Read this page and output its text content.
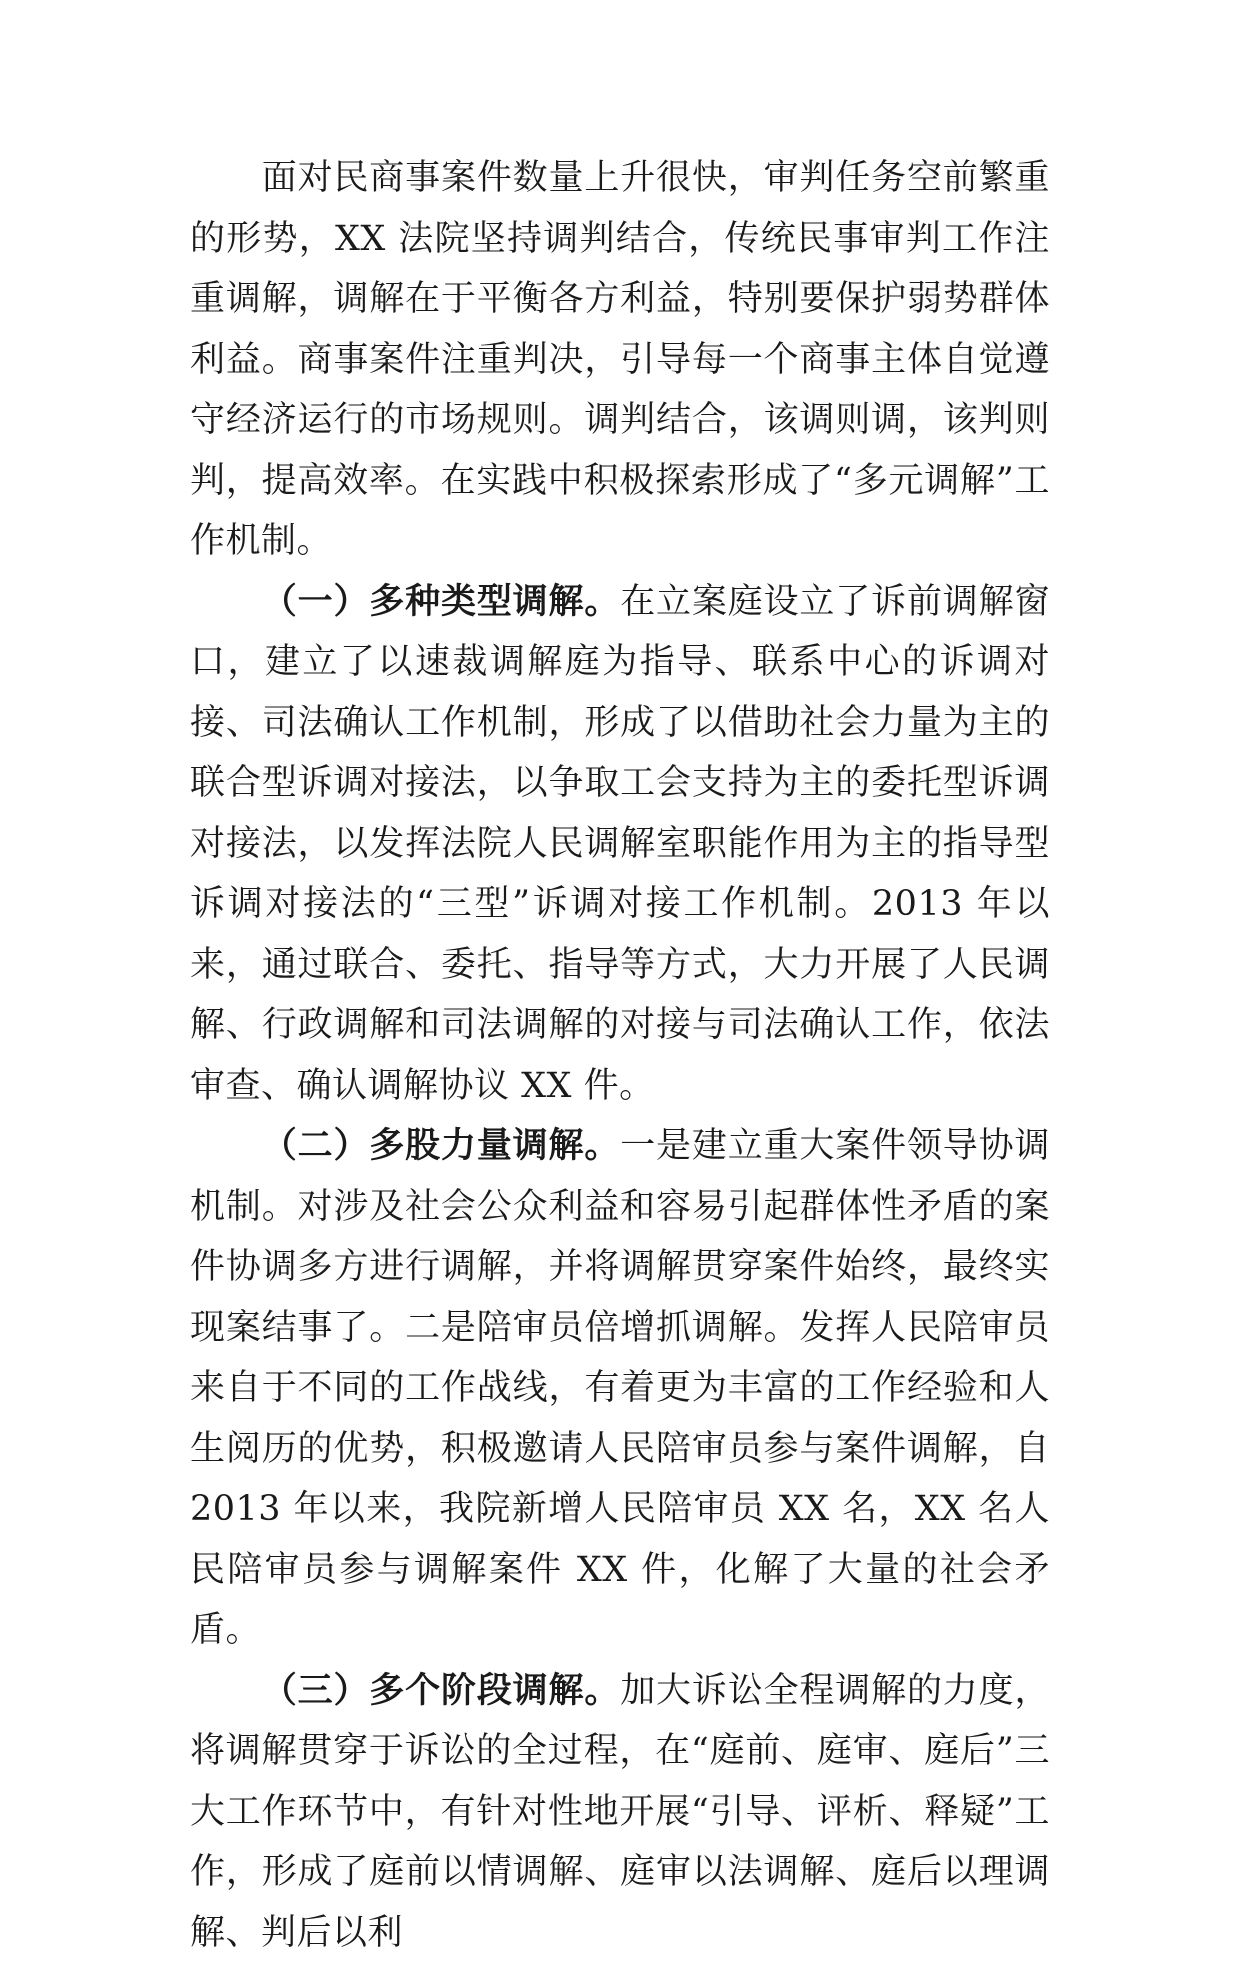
面对民商事案件数量上升很快，审判任务空前繁重的形势，XX 法院坚持调判结合，传统民事审判工作注重调解，调解在于平衡各方利益，特别要保护弱势群体利益。商事案件注重判决，引导每一个商事主体自觉遵守经济运行的市场规则。调判结合，该调则调，该判则判，提高效率。在实践中积极探索形成了“多元调解”工作机制。

（一）多种类型调解。在立案庭设立了诉前调解窗口，建立了以速裁调解庭为指导、联系中心的诉调对接、司法确认工作机制，形成了以借助社会力量为主的联合型诉调对接法，以争取工会支持为主的委托型诉调对接法，以发挥法院人民调解室职能作用为主的指导型诉调对接法的“三型”诉调对接工作机制。2013 年以来，通过联合、委托、指导等方式，大力开展了人民调解、行政调解和司法调解的对接与司法确认工作，依法审查、确认调解协议 XX 件。

（二）多股力量调解。一是建立重大案件领导协调机制。对涉及社会公众利益和容易引起群体性矛盾的案件协调多方进行调解，并将调解贯穿案件始终，最终实现案结事了。二是陪审员倍增抓调解。发挥人民陪审员来自于不同的工作战线，有着更为丰富的工作经验和人生阅历的优势，积极邀请人民陪审员参与案件调解，自 2013 年以来，我院新增人民陪审员 XX 名，XX 名人民陪审员参与调解案件 XX 件，化解了大量的社会矛盾。

（三）多个阶段调解。加大诉讼全程调解的力度，将调解贯穿于诉讼的全过程，在“庭前、庭审、庭后”三大工作环节中，有针对性地开展“引导、评析、释疑”工作，形成了庭前以情调解、庭审以法调解、庭后以理调解、判后以利
